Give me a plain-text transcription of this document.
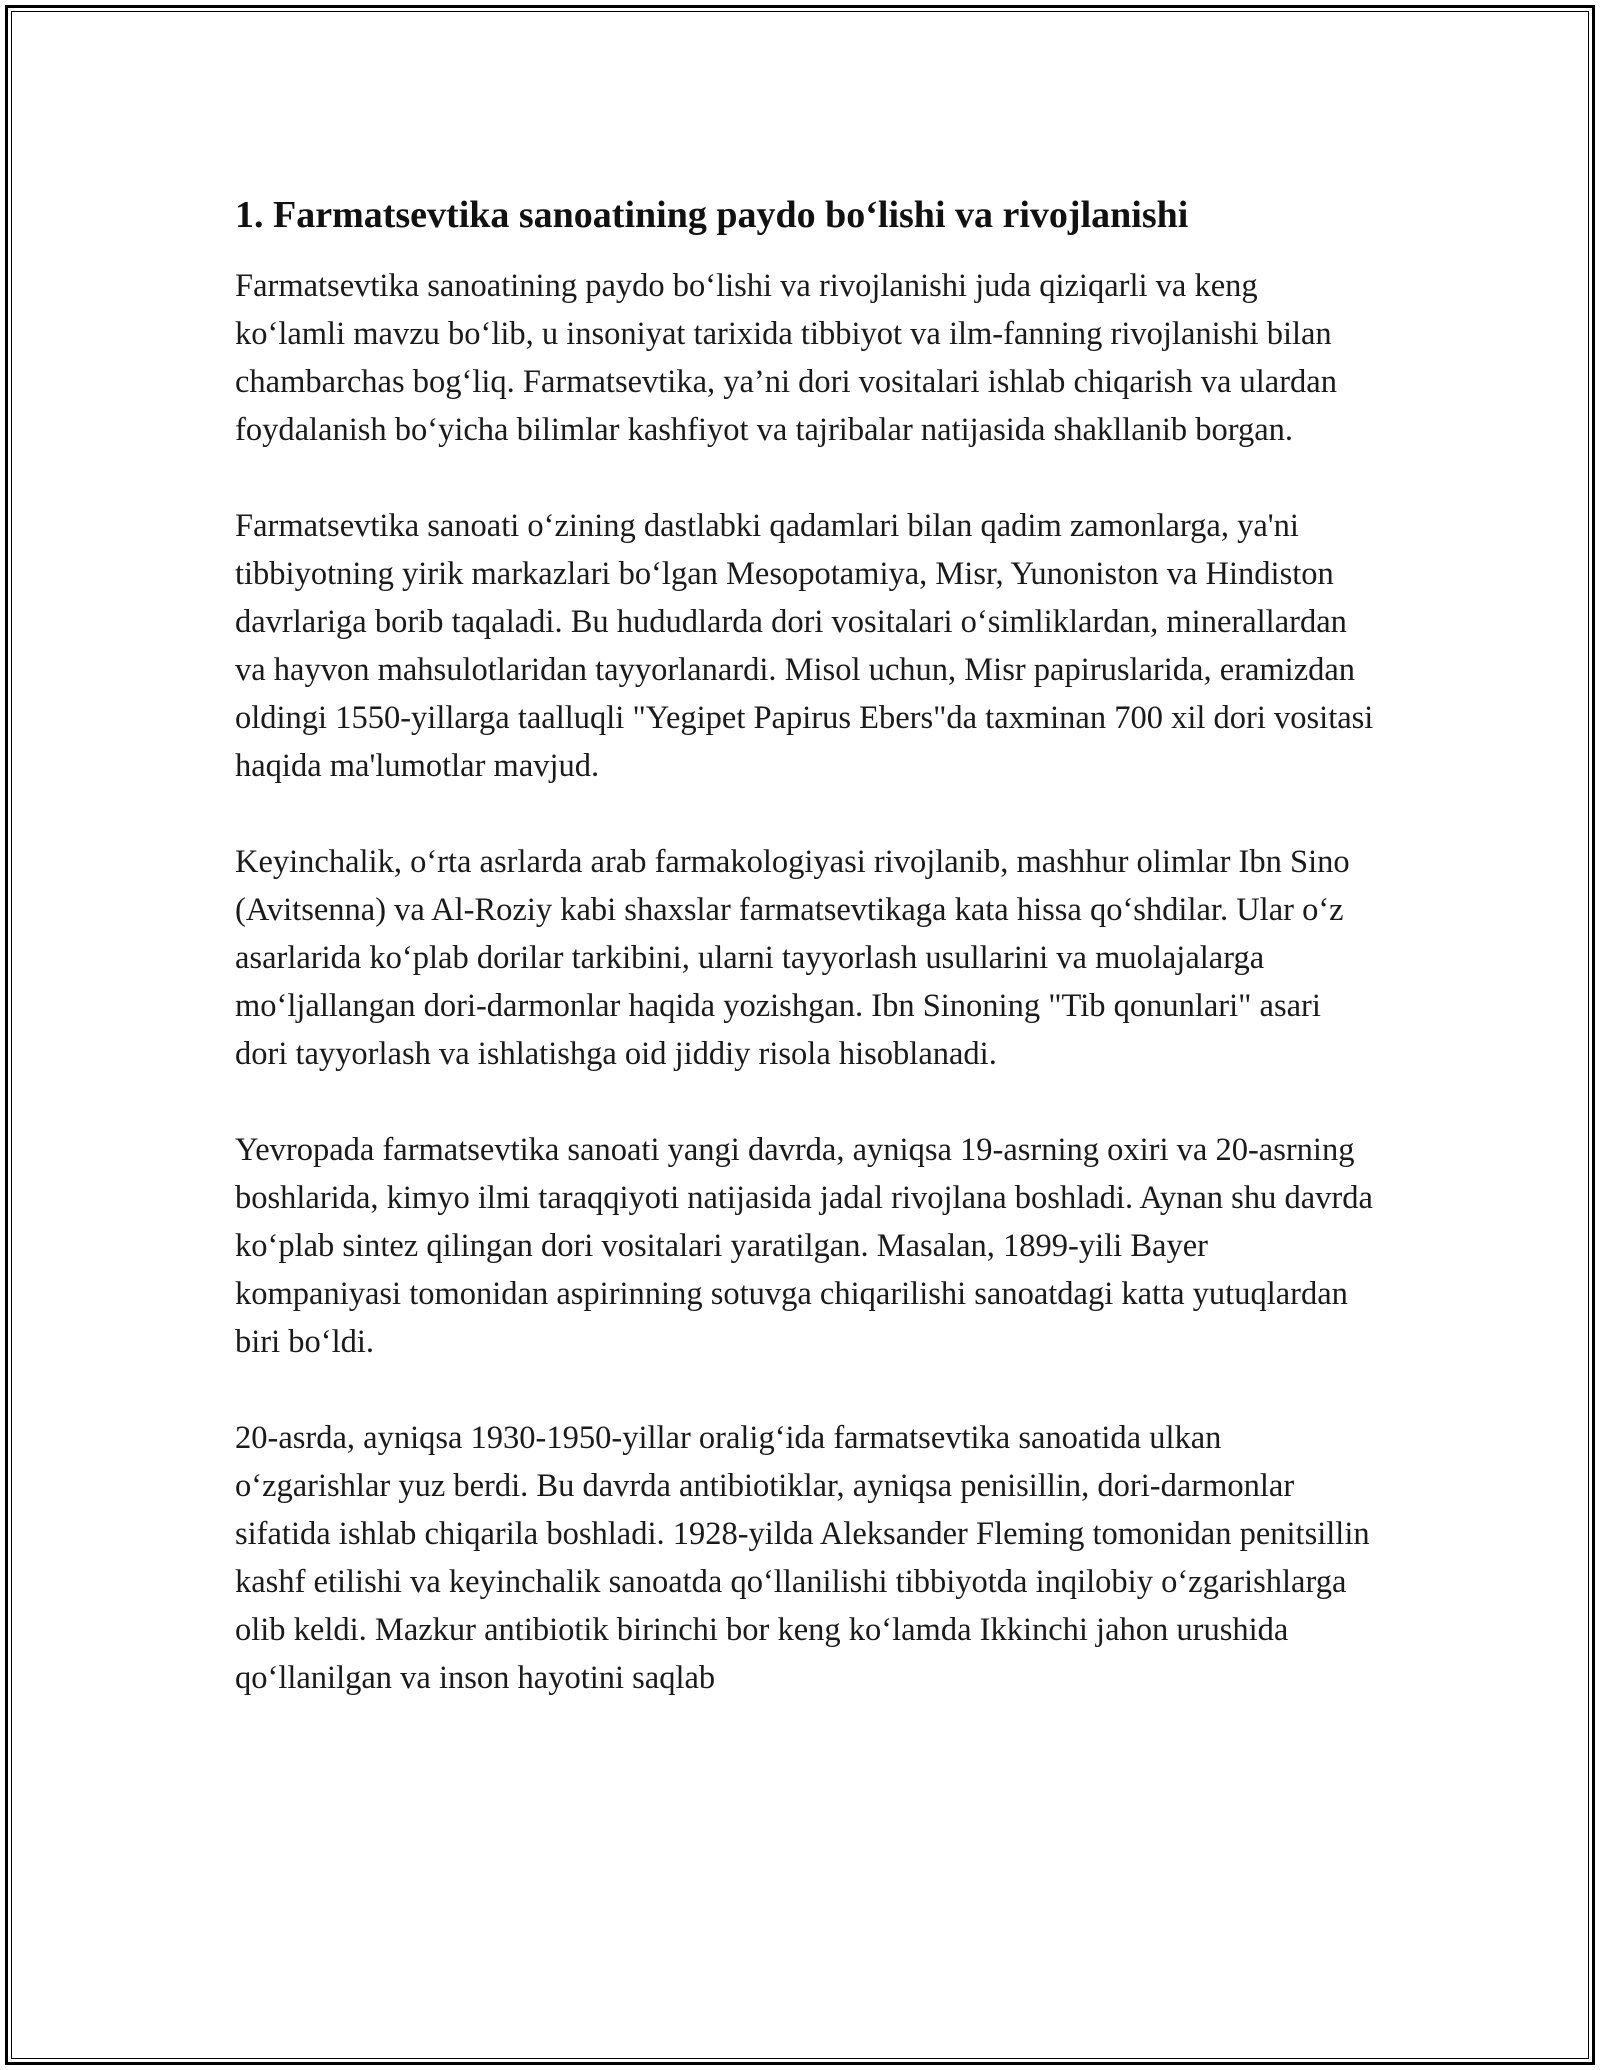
1. Farmatsevtika sanoatining paydo bo‘lishi va rivojlanishi

Farmatsevtika sanoatining paydo bo‘lishi va rivojlanishi juda qiziqarli va keng ko‘lamli mavzu bo‘lib, u insoniyat tarixida tibbiyot va ilm-fanning rivojlanishi bilan chambarchas bog‘liq. Farmatsevtika, ya’ni dori vositalari ishlab chiqarish va ulardan foydalanish bo‘yicha bilimlar kashfiyot va tajribalar natijasida shakllanib borgan.

Farmatsevtika sanoati o‘zining dastlabki qadamlari bilan qadim zamonlarga, ya'ni tibbiyotning yirik markazlari bo‘lgan Mesopotamiya, Misr, Yunoniston va Hindiston davrlariga borib taqaladi. Bu hududlarda dori vositalari o‘simliklardan, minerallardan va hayvon mahsulotlaridan tayyorlanardi. Misol uchun, Misr papiruslarida, eramizdan oldingi 1550-yillarga taalluqli "Yegipet Papirus Ebers"da taxminan 700 xil dori vositasi haqida ma'lumotlar mavjud.

Keyinchalik, o‘rta asrlarda arab farmakologiyasi rivojlanib, mashhur olimlar Ibn Sino (Avitsenna) va Al-Roziy kabi shaxslar farmatsevtikaga kata hissa qo‘shdilar. Ular o‘z asarlarida ko‘plab dorilar tarkibini, ularni tayyorlash usullarini va muolajalarga mo‘ljallangan dori-darmonlar haqida yozishgan. Ibn Sinoning "Tib qonunlari" asari dori tayyorlash va ishlatishga oid jiddiy risola hisoblanadi.

Yevropada farmatsevtika sanoati yangi davrda, ayniqsa 19-asrning oxiri va 20-asrning boshlarida, kimyo ilmi taraqqiyoti natijasida jadal rivojlana boshladi. Aynan shu davrda ko‘plab sintez qilingan dori vositalari yaratilgan. Masalan, 1899-yili Bayer kompaniyasi tomonidan aspirinning sotuvga chiqarilishi sanoatdagi katta yutuqlardan biri bo‘ldi.

20-asrda, ayniqsa 1930-1950-yillar oralig‘ida farmatsevtika sanoatida ulkan o‘zgarishlar yuz berdi. Bu davrda antibiotiklar, ayniqsa penisillin, dori-darmonlar sifatida ishlab chiqarila boshladi. 1928-yilda Aleksander Fleming tomonidan penitsillin kashf etilishi va keyinchalik sanoatda qo‘llanilishi tibbiyotda inqilobiy o‘zgarishlarga olib keldi. Mazkur antibiotik birinchi bor keng ko‘lamda Ikkinchi jahon urushida qo‘llanilgan va inson hayotini saqlab
